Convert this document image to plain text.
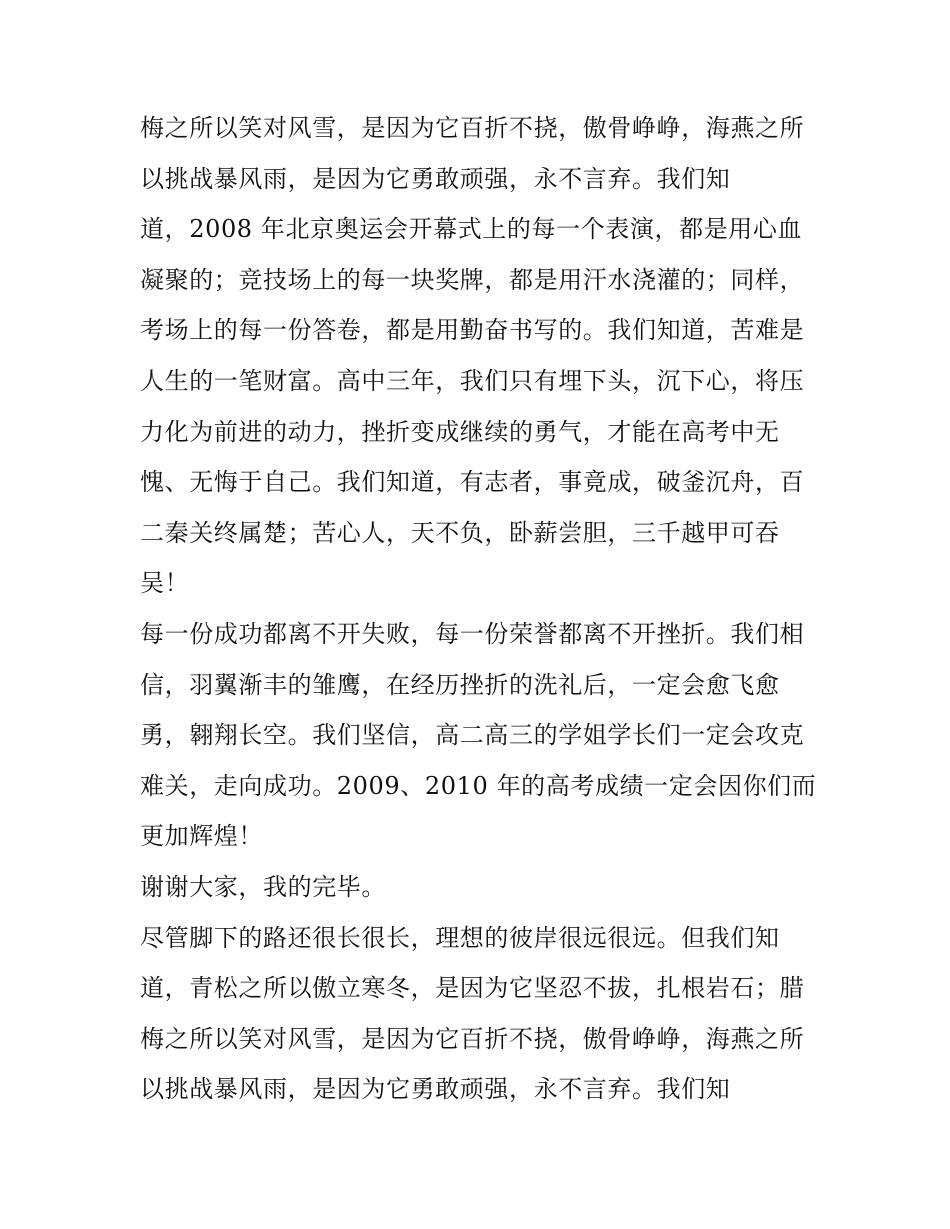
梅之所以笑对风雪，是因为它百折不挠，傲骨峥峥，海燕之所
以挑战暴风雨，是因为它勇敢顽强，永不言弃。我们知
道，2008 年北京奥运会开幕式上的每一个表演，都是用心血
凝聚的；竞技场上的每一块奖牌，都是用汗水浇灌的；同样，
考场上的每一份答卷，都是用勤奋书写的。我们知道，苦难是
人生的一笔财富。高中三年，我们只有埋下头，沉下心，将压
力化为前进的动力，挫折变成继续的勇气，才能在高考中无
愧、无悔于自己。我们知道，有志者，事竟成，破釜沉舟，百
二秦关终属楚；苦心人，天不负，卧薪尝胆，三千越甲可吞
吴！
每一份成功都离不开失败，每一份荣誉都离不开挫折。我们相
信，羽翼渐丰的雏鹰，在经历挫折的洗礼后，一定会愈飞愈
勇，翱翔长空。我们坚信，高二高三的学姐学长们一定会攻克
难关，走向成功。2009、2010 年的高考成绩一定会因你们而
更加辉煌！
谢谢大家，我的完毕。
尽管脚下的路还很长很长，理想的彼岸很远很远。但我们知
道，青松之所以傲立寒冬，是因为它坚忍不拔，扎根岩石；腊
梅之所以笑对风雪，是因为它百折不挠，傲骨峥峥，海燕之所
以挑战暴风雨，是因为它勇敢顽强，永不言弃。我们知
